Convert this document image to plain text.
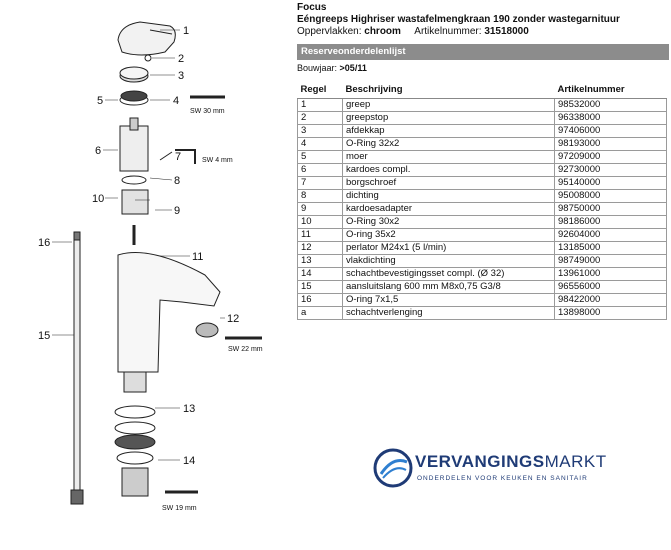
1
2
3
4
5
6	7
8
9
10
11
12
13
14
15
16
SW 30 mm
SW 4 mm
SW 22 mm
SW 19 mm
Focus
Eéngreeps Highriser wastafelmengkraan 190 zonder wastegarnituur
Oppervlakken: chroom Artikelnummer: 31518000
Reserveonderdelenlijst
Bouwjaar: >05/11
Regel	Beschrijving	Artikelnummer
1	greep	98532000
2	greepstop	96338000
3	afdekkap	97406000
4	O-Ring 32x2	98193000
5	moer	97209000
6	kardoes compl.	92730000
7	borgschroef	95140000
8	dichting	95008000
9	kardoesadapter	98750000
10	O-Ring 30x2	98186000
11	O-ring 35x2	92604000
12	perlator M24x1 (5 l/min)	13185000
13	vlakdichting	98749000
14	schachtbevestigingsset compl. (Ø 32)	13961000
15	aansluitslang 600 mm M8x0,75 G3/8	96556000
16	O-ring 7x1,5	98422000
a	schachtverlenging	13898000
VERVANGINGSMARKT
ONDERDELEN VOOR KEUKEN EN SANITAIR
